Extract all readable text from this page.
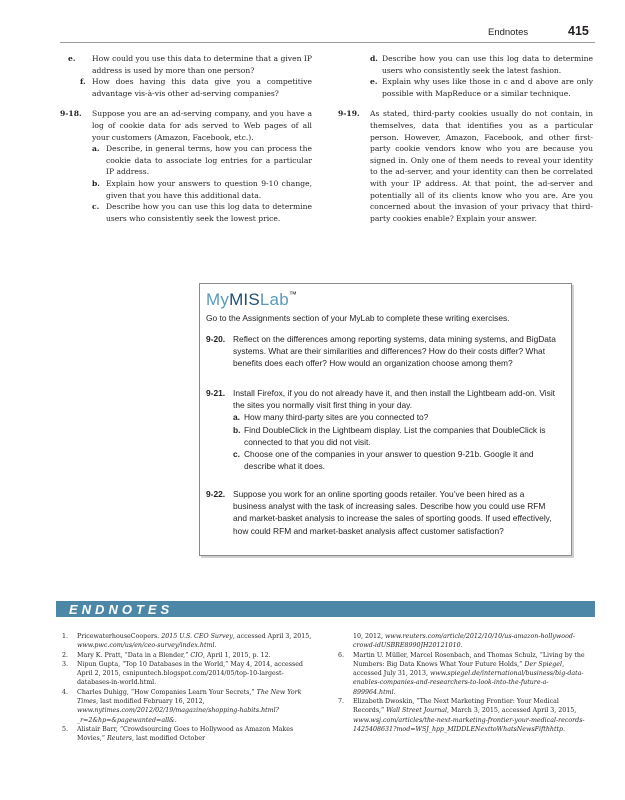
Endnotes	415
e. How could you use this data to determine that a given IP address is used by more than one person?
f. How does having this data give you a competitive advantage vis-à-vis other ad-serving companies?
9-18. Suppose you are an ad-serving company, and you have a log of cookie data for ads served to Web pages of all your customers (Amazon, Facebook, etc.).
a. Describe, in general terms, how you can process the cookie data to associate log entries for a particular IP address.
b. Explain how your answers to question 9-10 change, given that you have this additional data.
c. Describe how you can use this log data to determine users who consistently seek the lowest price.
d. Describe how you can use this log data to determine users who consistently seek the latest fashion.
e. Explain why uses like those in c and d above are only possible with MapReduce or a similar technique.
9-19. As stated, third-party cookies usually do not contain, in themselves, data that identifies you as a particular person. However, Amazon, Facebook, and other first-party cookie vendors know who you are because you signed in. Only one of them needs to reveal your identity to the ad-server, and your identity can then be correlated with your IP address. At that point, the ad-server and potentially all of its clients know who you are. Are you concerned about the invasion of your privacy that third-party cookies enable? Explain your answer.
MyMISLab™
Go to the Assignments section of your MyLab to complete these writing exercises.
9-20. Reflect on the differences among reporting systems, data mining systems, and BigData systems. What are their similarities and differences? How do their costs differ? What benefits does each offer? How would an organization choose among them?
9-21. Install Firefox, if you do not already have it, and then install the Lightbeam add-on. Visit the sites you normally visit first thing in your day.
a. How many third-party sites are you connected to?
b. Find DoubleClick in the Lightbeam display. List the companies that DoubleClick is connected to that you did not visit.
c. Choose one of the companies in your answer to question 9-21b. Google it and describe what it does.
9-22. Suppose you work for an online sporting goods retailer. You’ve been hired as a business analyst with the task of increasing sales. Describe how you could use RFM and market-basket analysis to increase the sales of sporting goods. If used effectively, how could RFM and market-basket analysis affect customer satisfaction?
ENDNOTES
1. PricewaterhouseCoopers. 2015 U.S. CEO Survey, accessed April 3, 2015, www.pwc.com/us/en/ceo-survey/index.html.
2. Mary K. Pratt, “Data in a Blender,” CIO, April 1, 2015, p. 12.
3. Nipun Gupta, “Top 10 Databases in the World,” May 4, 2014, accessed April 2, 2015, csnipuntech.blogspot.com/2014/05/top-10-largest-databases-in-world.html.
4. Charles Duhigg, “How Companies Learn Your Secrets,” The New York Times, last modified February 16, 2012, www.nytimes.com/2012/02/19/magazine/shopping-habits.html?_r=2&hp=&pagewanted=all&.
5. Alistair Barr, “Crowdsourcing Goes to Hollywood as Amazon Makes Movies,” Reuters, last modified October
10, 2012, www.reuters.com/article/2012/10/10/us-amazon-hollywood-crowd-idUSBRE8990JH20121010.
6. Martin U. Müller, Marcel Rosenbach, and Thomas Schulz, “Living by the Numbers: Big Data Knows What Your Future Holds,” Der Spiegel, accessed July 31, 2013, www.spiegel.de/international/business/big-data-enables-companies-and-researchers-to-look-into-the-future-a-899964.html.
7. Elizabeth Dwoskin, “The Next Marketing Frontier: Your Medical Records,” Wall Street Journal, March 3, 2015, accessed April 3, 2015, www.wsj.com/articles/the-next-marketing-frontier-your-medical-records-1425408631?mod=WSJ_hpp_MIDDLENexttoWhatsNewsFifthhttp.
